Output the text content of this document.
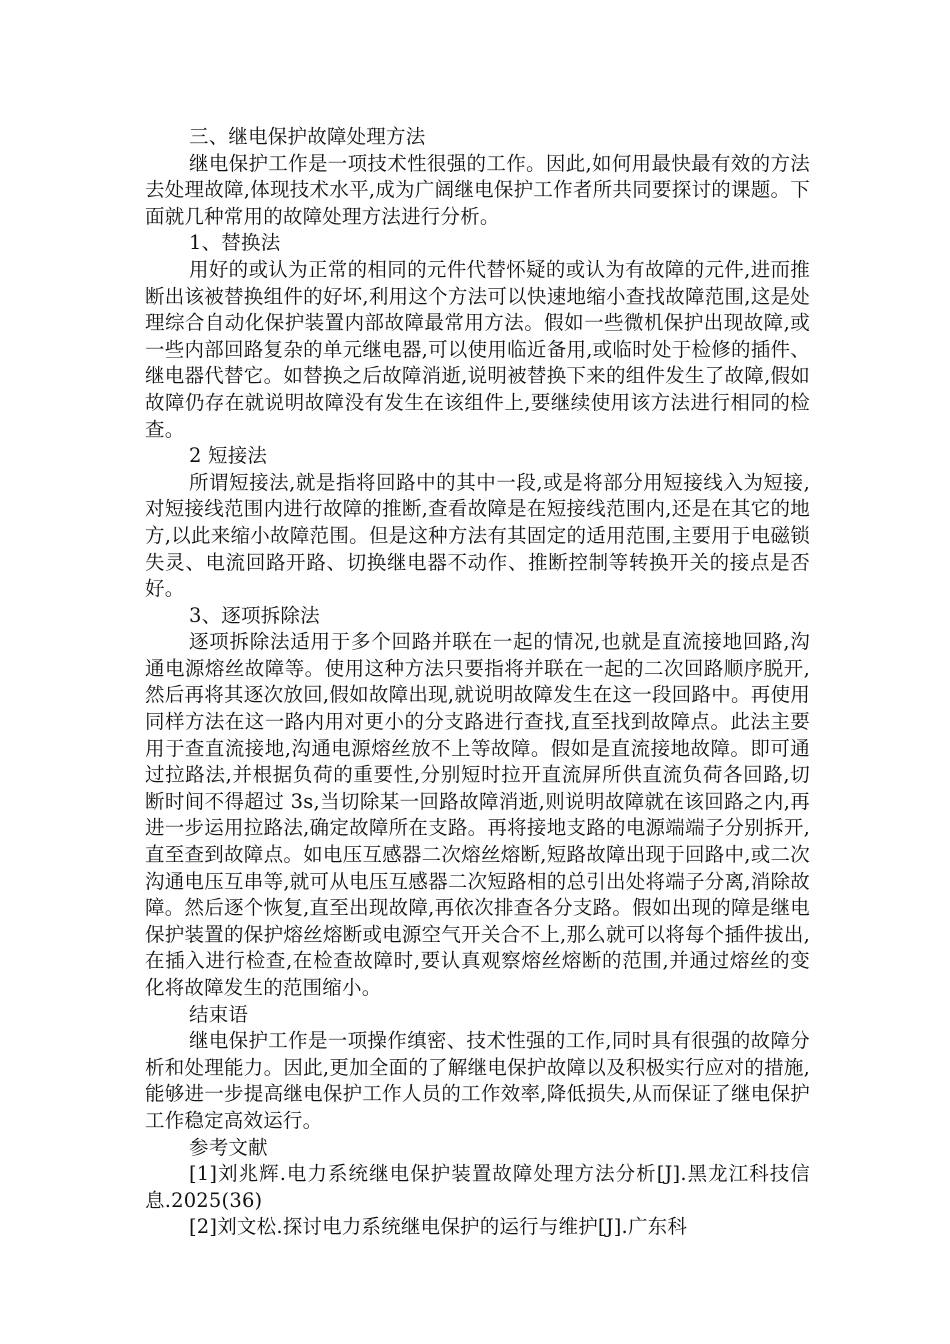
三、继电保护故障处理方法

继电保护工作是一项技术性很强的工作。因此,如何用最快最有效的方法去处理故障,体现技术水平,成为广阔继电保护工作者所共同要探讨的课题。下面就几种常用的故障处理方法进行分析。

1、替换法

用好的或认为正常的相同的元件代替怀疑的或认为有故障的元件,进而推断出该被替换组件的好坏,利用这个方法可以快速地缩小查找故障范围,这是处理综合自动化保护装置内部故障最常用方法。假如一些微机保护出现故障,或一些内部回路复杂的单元继电器,可以使用临近备用,或临时处于检修的插件、继电器代替它。如替换之后故障消逝,说明被替换下来的组件发生了故障,假如故障仍存在就说明故障没有发生在该组件上,要继续使用该方法进行相同的检查。

2 短接法

所谓短接法,就是指将回路中的其中一段,或是将部分用短接线入为短接,对短接线范围内进行故障的推断,查看故障是在短接线范围内,还是在其它的地方,以此来缩小故障范围。但是这种方法有其固定的适用范围,主要用于电磁锁失灵、电流回路开路、切换继电器不动作、推断控制等转换开关的接点是否好。

3、逐项拆除法

逐项拆除法适用于多个回路并联在一起的情况,也就是直流接地回路,沟通电源熔丝故障等。使用这种方法只要指将并联在一起的二次回路顺序脱开,然后再将其逐次放回,假如故障出现,就说明故障发生在这一段回路中。再使用同样方法在这一路内用对更小的分支路进行查找,直至找到故障点。此法主要用于查直流接地,沟通电源熔丝放不上等故障。假如是直流接地故障。即可通过拉路法,并根据负荷的重要性,分别短时拉开直流屏所供直流负荷各回路,切断时间不得超过 3s,当切除某一回路故障消逝,则说明故障就在该回路之内,再进一步运用拉路法,确定故障所在支路。再将接地支路的电源端端子分别拆开,直至查到故障点。如电压互感器二次熔丝熔断,短路故障出现于回路中,或二次沟通电压互串等,就可从电压互感器二次短路相的总引出处将端子分离,消除故障。然后逐个恢复,直至出现故障,再依次排查各分支路。假如出现的障是继电保护装置的保护熔丝熔断或电源空气开关合不上,那么就可以将每个插件拔出,在插入进行检查,在检查故障时,要认真观察熔丝熔断的范围,并通过熔丝的变化将故障发生的范围缩小。

结束语

继电保护工作是一项操作缜密、技术性强的工作,同时具有很强的故障分析和处理能力。因此,更加全面的了解继电保护故障以及积极实行应对的措施,能够进一步提高继电保护工作人员的工作效率,降低损失,从而保证了继电保护工作稳定高效运行。

参考文献

[1]刘兆辉.电力系统继电保护装置故障处理方法分析[J].黑龙江科技信息.2025(36)

[2]刘文松.探讨电力系统继电保护的运行与维护[J].广东科
